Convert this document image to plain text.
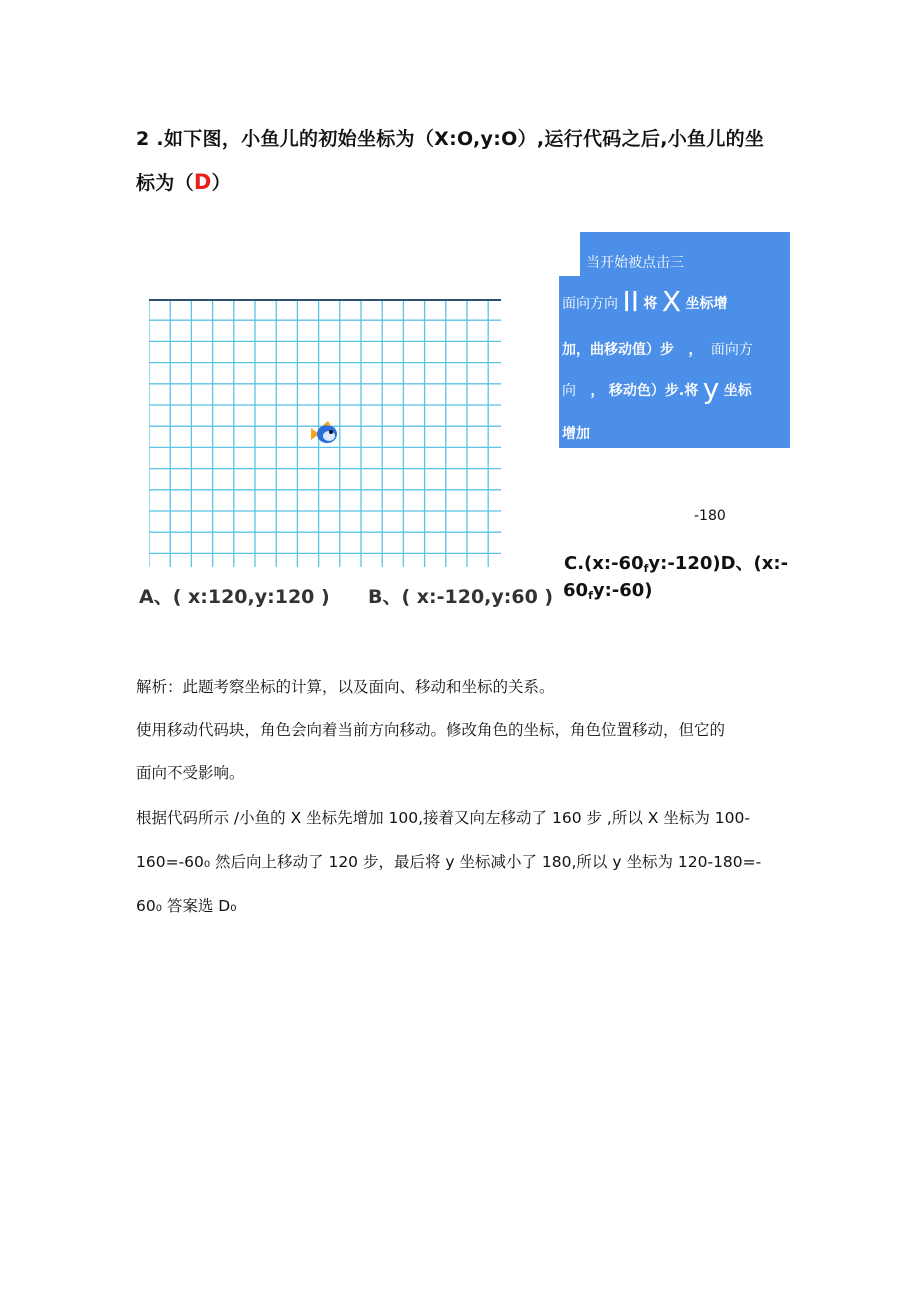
2 .如下图，小鱼儿的初始坐标为（X:O,y:O）,运行代码之后,小鱼儿的坐
标为（D）
当开始被点击三
面向方向 II 将 X 坐标增
加，曲移动值）步 ， 面向方
向 ， 移动色）步.将 y 坐标
增加
-180
C.(x:-60fy:-120)D、(x:-
60fy:-60)
A、( x:120,y:120 ) B、( x:-120,y:60 )
解析：此题考察坐标的计算，以及面向、移动和坐标的关系。
使用移动代码块，角色会向着当前方向移动。修改角色的坐标，角色位置移动，但它的
面向不受影响。
根据代码所示 /小鱼的 X 坐标先增加 100,接着又向左移动了 160 步 ,所以 X 坐标为 100-
160=-60₀ 然后向上移动了 120 步，最后将 y 坐标减小了 180,所以 y 坐标为 120-180=-
60₀ 答案选 D₀
